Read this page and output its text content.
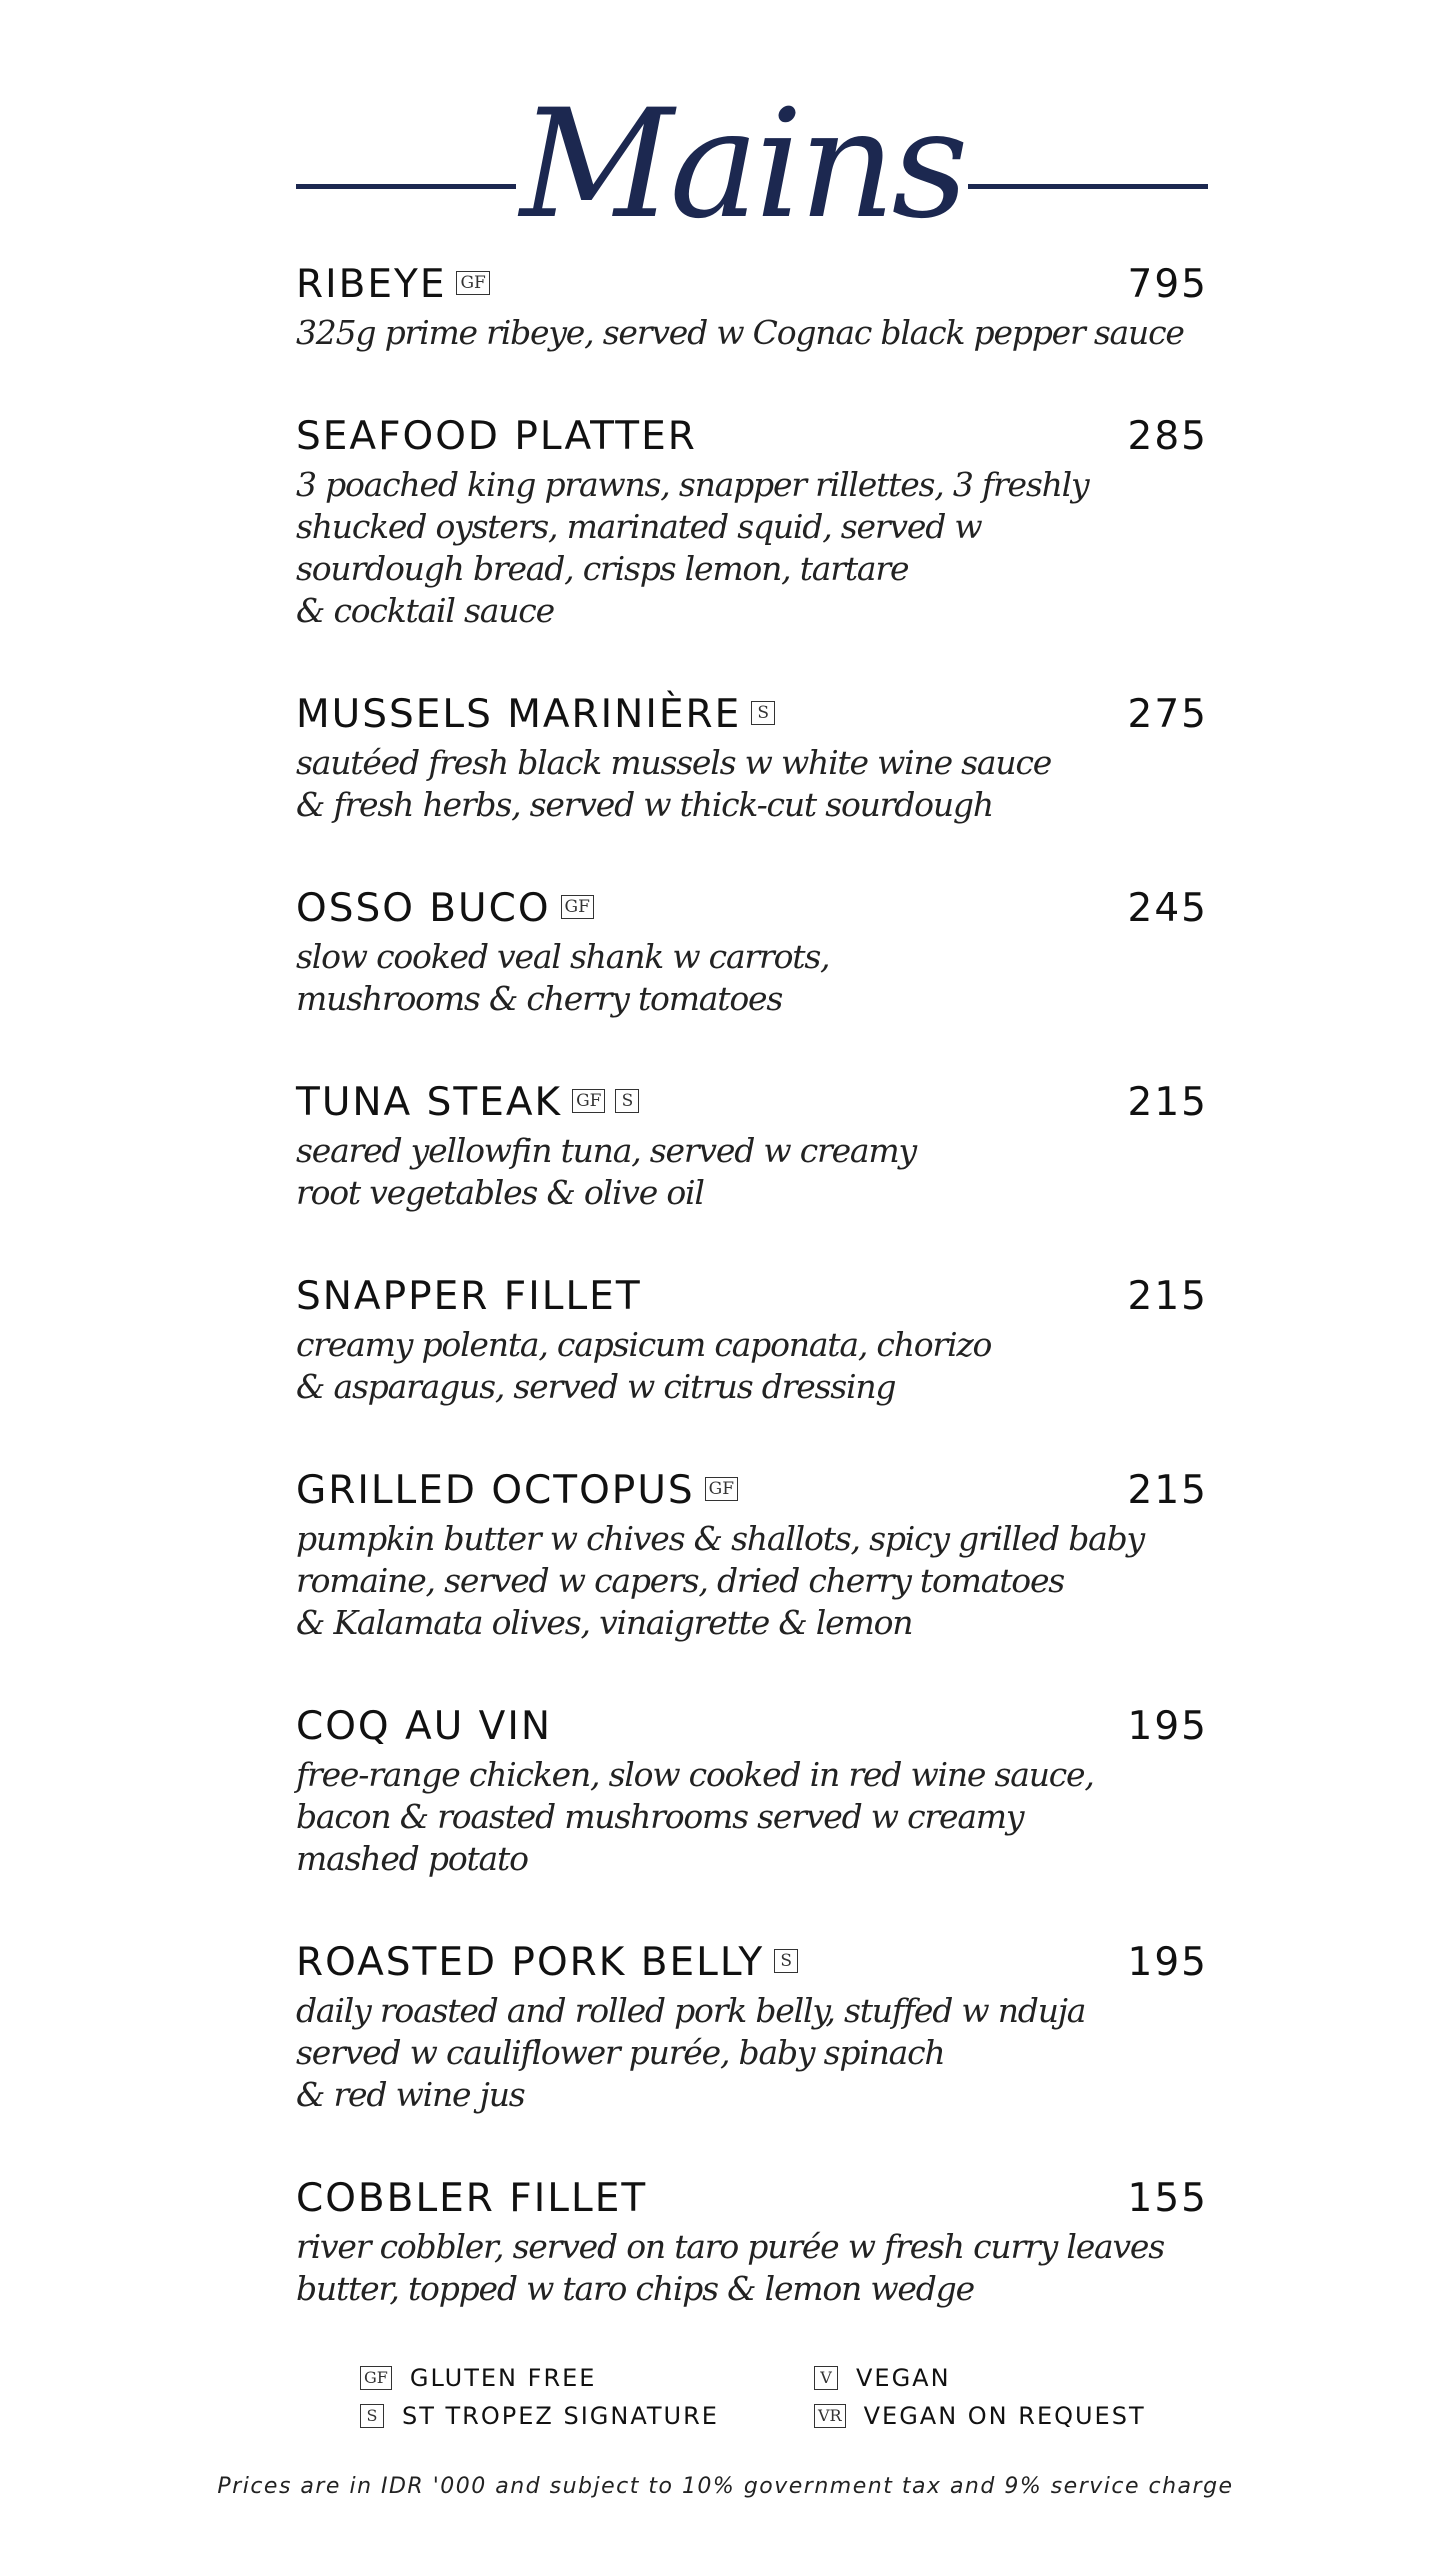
Mains
RIBEYE GF	795
325g prime ribeye, served w Cognac black pepper sauce
SEAFOOD PLATTER	285
3 poached king prawns, snapper rillettes, 3 freshly
shucked oysters, marinated squid, served w
sourdough bread, crisps lemon, tartare
& cocktail sauce
MUSSELS MARINIÈRE S	275
sautéed fresh black mussels w white wine sauce
& fresh herbs, served w thick-cut sourdough
OSSO BUCO GF	245
slow cooked veal shank w carrots,
mushrooms & cherry tomatoes
TUNA STEAK GF S	215
seared yellowfin tuna, served w creamy
root vegetables & olive oil
SNAPPER FILLET	215
creamy polenta, capsicum caponata, chorizo
& asparagus, served w citrus dressing
GRILLED OCTOPUS GF	215
pumpkin butter w chives & shallots, spicy grilled baby
romaine, served w capers, dried cherry tomatoes
& Kalamata olives, vinaigrette & lemon
COQ AU VIN	195
free-range chicken, slow cooked in red wine sauce,
bacon & roasted mushrooms served w creamy
mashed potato
ROASTED PORK BELLY S	195
daily roasted and rolled pork belly, stuffed w nduja
served w cauliflower purée, baby spinach
& red wine jus
COBBLER FILLET	155
river cobbler, served on taro purée w fresh curry leaves
butter, topped w taro chips & lemon wedge
GF GLUTEN FREE
S ST TROPEZ SIGNATURE
V VEGAN
VR VEGAN ON REQUEST
Prices are in IDR '000 and subject to 10% government tax and 9% service charge
